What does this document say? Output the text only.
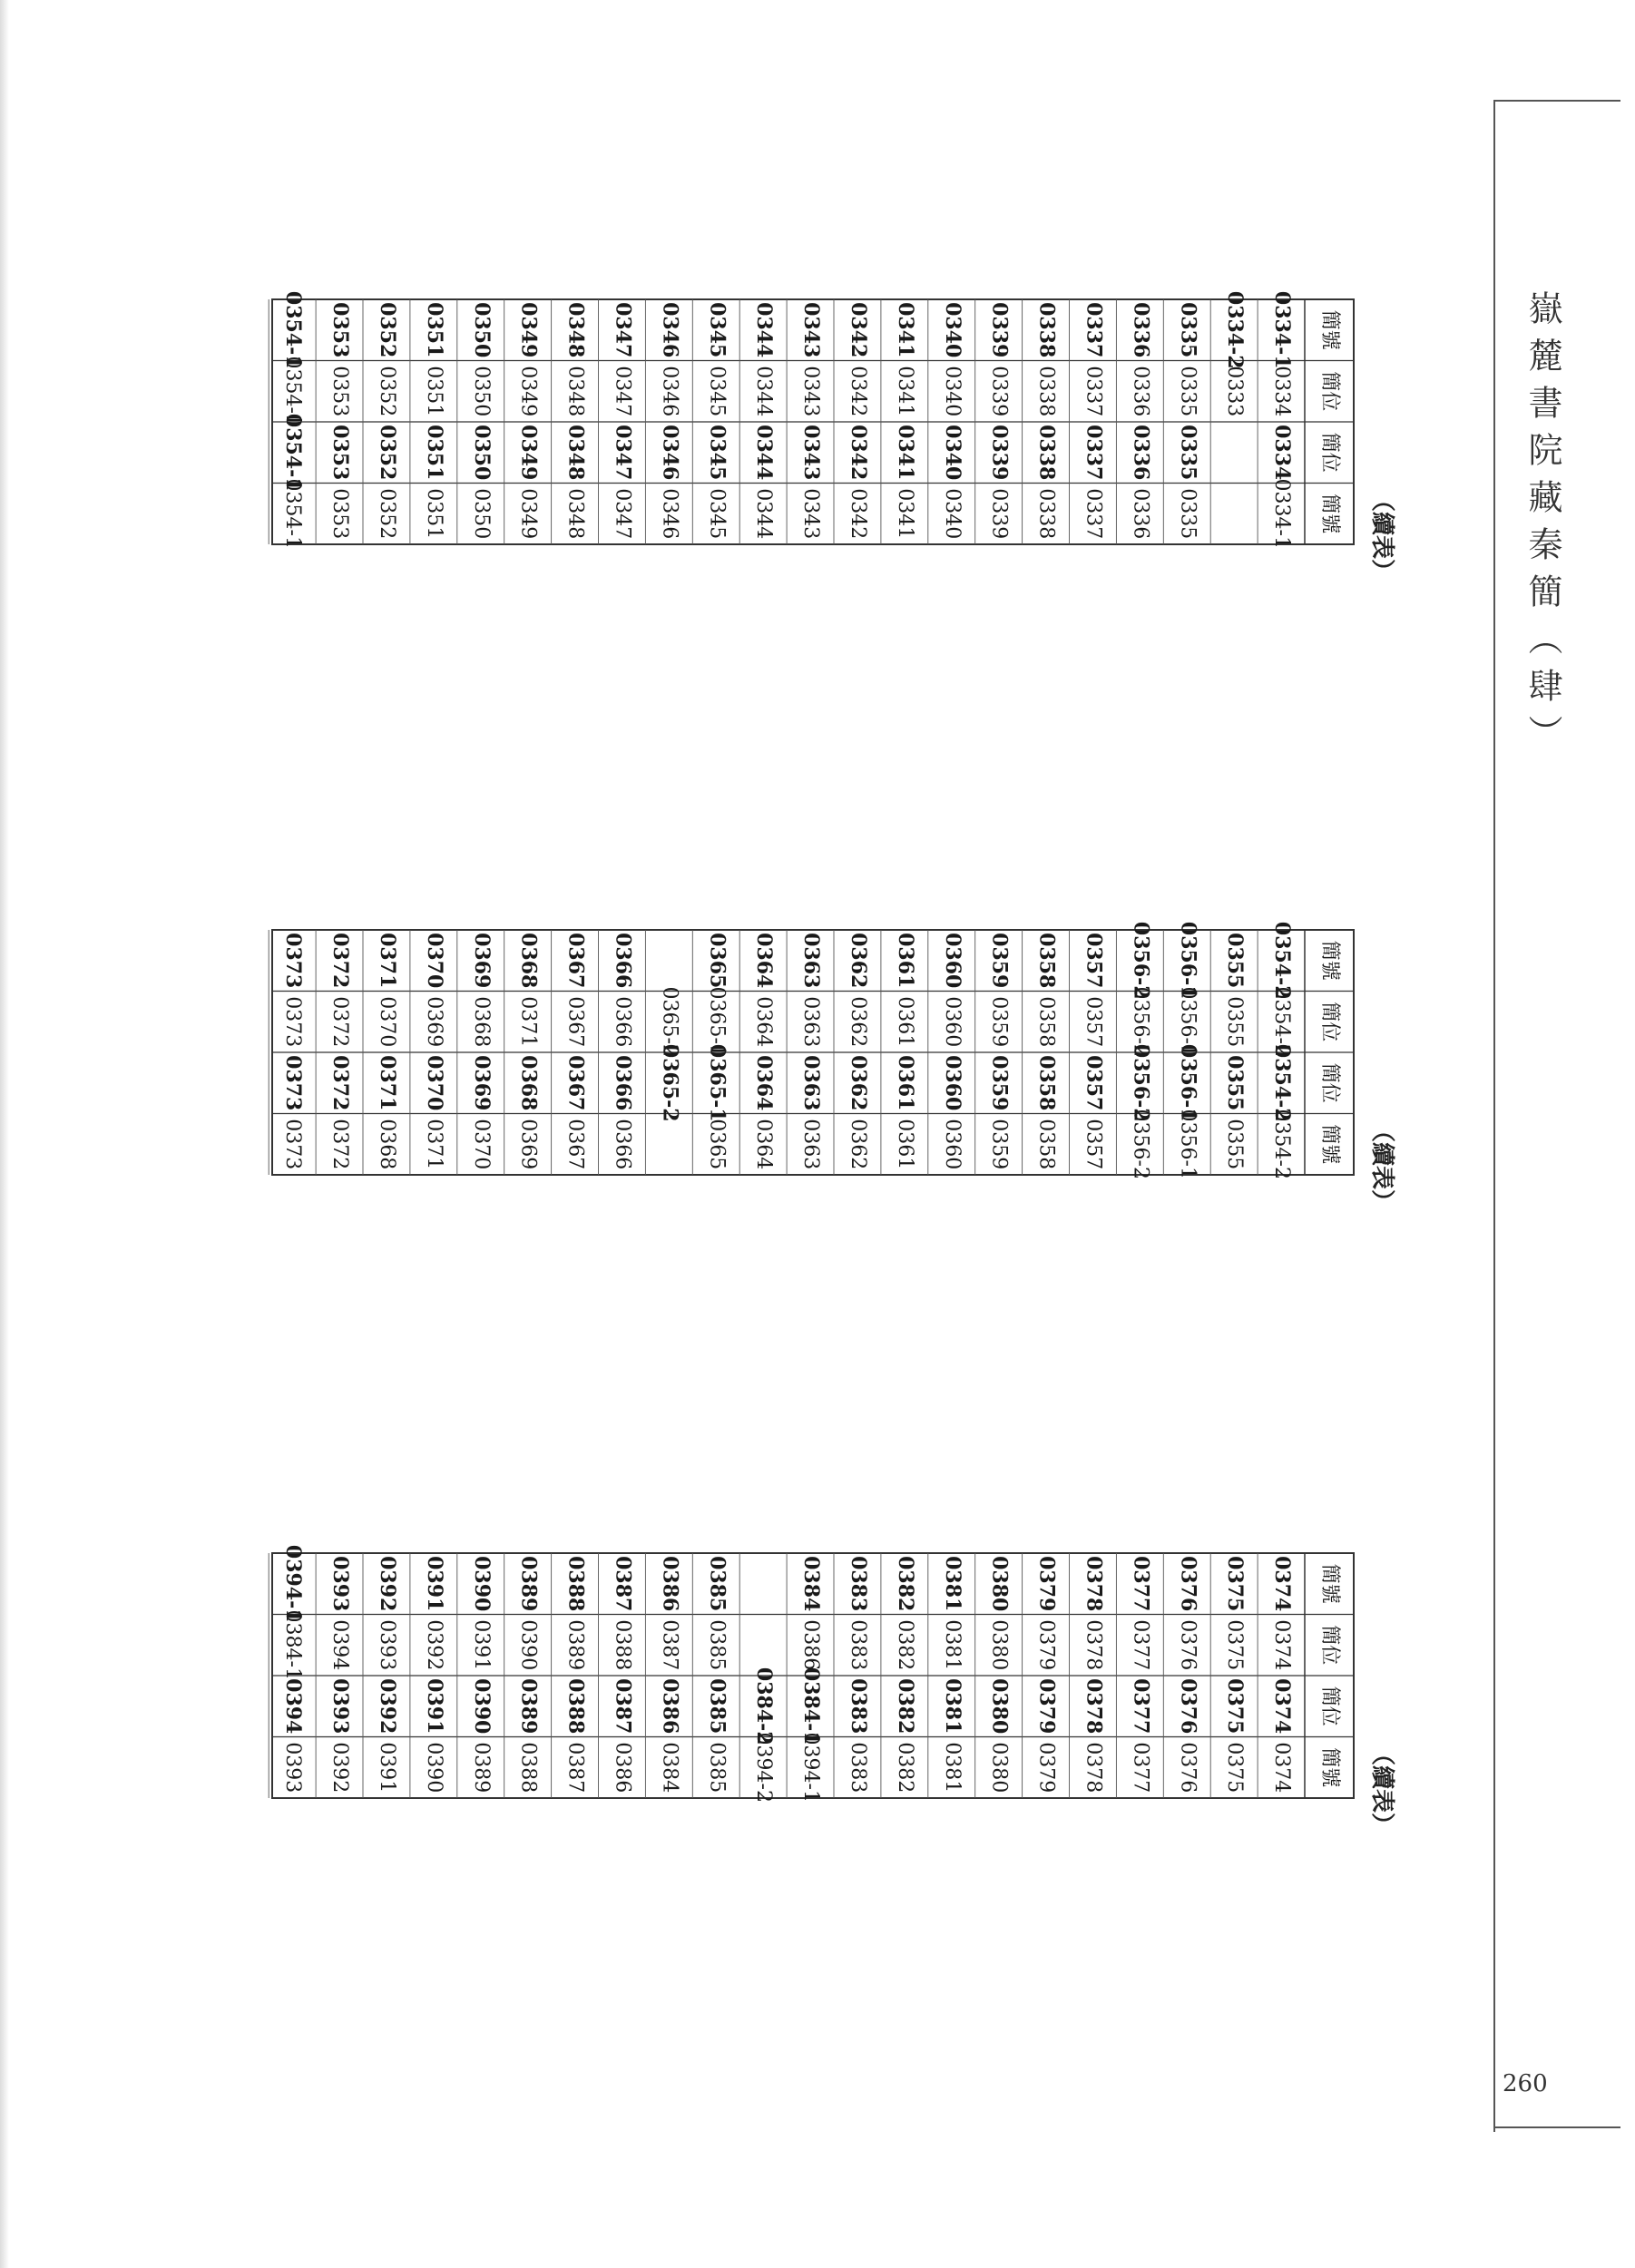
嶽麓書院藏秦簡（肆）
260
簡號
簡位
簡位
簡號 （續表）
0334-1
0334
0334
0334-1
0334-2
0333
0335
0335
0335
0335
0336
0336
0336
0336
0337
0337
0337
0337
0338
0338
0338
0338
0339
0339
0339
0339
0340
0340
0340
0340
0341
0341
0341
0341
0342
0342
0342
0342
0343
0343
0343
0343
0344
0344
0344
0344
0345
0345
0345
0345
0346
0346
0346
0346
0347
0347
0347
0347
0348
0348
0348
0348
0349
0349
0349
0349
0350
0350
0350
0350
0351
0351
0351
0351
0352
0352
0352
0352
0353
0353
0353
0353
0354-1
0354-1
0354-1
0354-1
簡號
簡位
簡位
簡號 （續表）
0354-2
0354-2
0354-2
0354-2
0355
0355
0355
0355
0356-1
0356-1
0356-1
0356-1
0356-2
0356-2
0356-2
0356-2
0357
0357
0357
0357
0358
0358
0358
0358
0359
0359
0359
0359
0360
0360
0360
0360
0361
0361
0361
0361
0362
0362
0362
0362
0363
0363
0363
0363
0364
0364
0364
0364
0365
0365-1
0365-1
0365
0365-2
0365-2
0366
0366
0366
0366
0367
0367
0367
0367
0368
0371
0368
0369
0369
0368
0369
0370
0370
0369
0370
0371
0371
0370
0371
0368
0372
0372
0372
0372
0373
0373
0373
0373
簡號
簡位
簡位
簡號 （續表）
0374
0374
0374
0374
0375
0375
0375
0375
0376
0376
0376
0376
0377
0377
0377
0377
0378
0378
0378
0378
0379
0379
0379
0379
0380
0380
0380
0380
0381
0381
0381
0381
0382
0382
0382
0382
0383
0383
0383
0383
0384
0386
0384-1
0394-1
0384-2
0394-2
0385
0385
0385
0385
0386
0387
0386
0384
0387
0388
0387
0386
0388
0389
0388
0387
0389
0390
0389
0388
0390
0391
0390
0389
0391
0392
0391
0390
0392
0393
0392
0391
0393
0394
0393
0392
0394-1
0384-1
0394
0393
